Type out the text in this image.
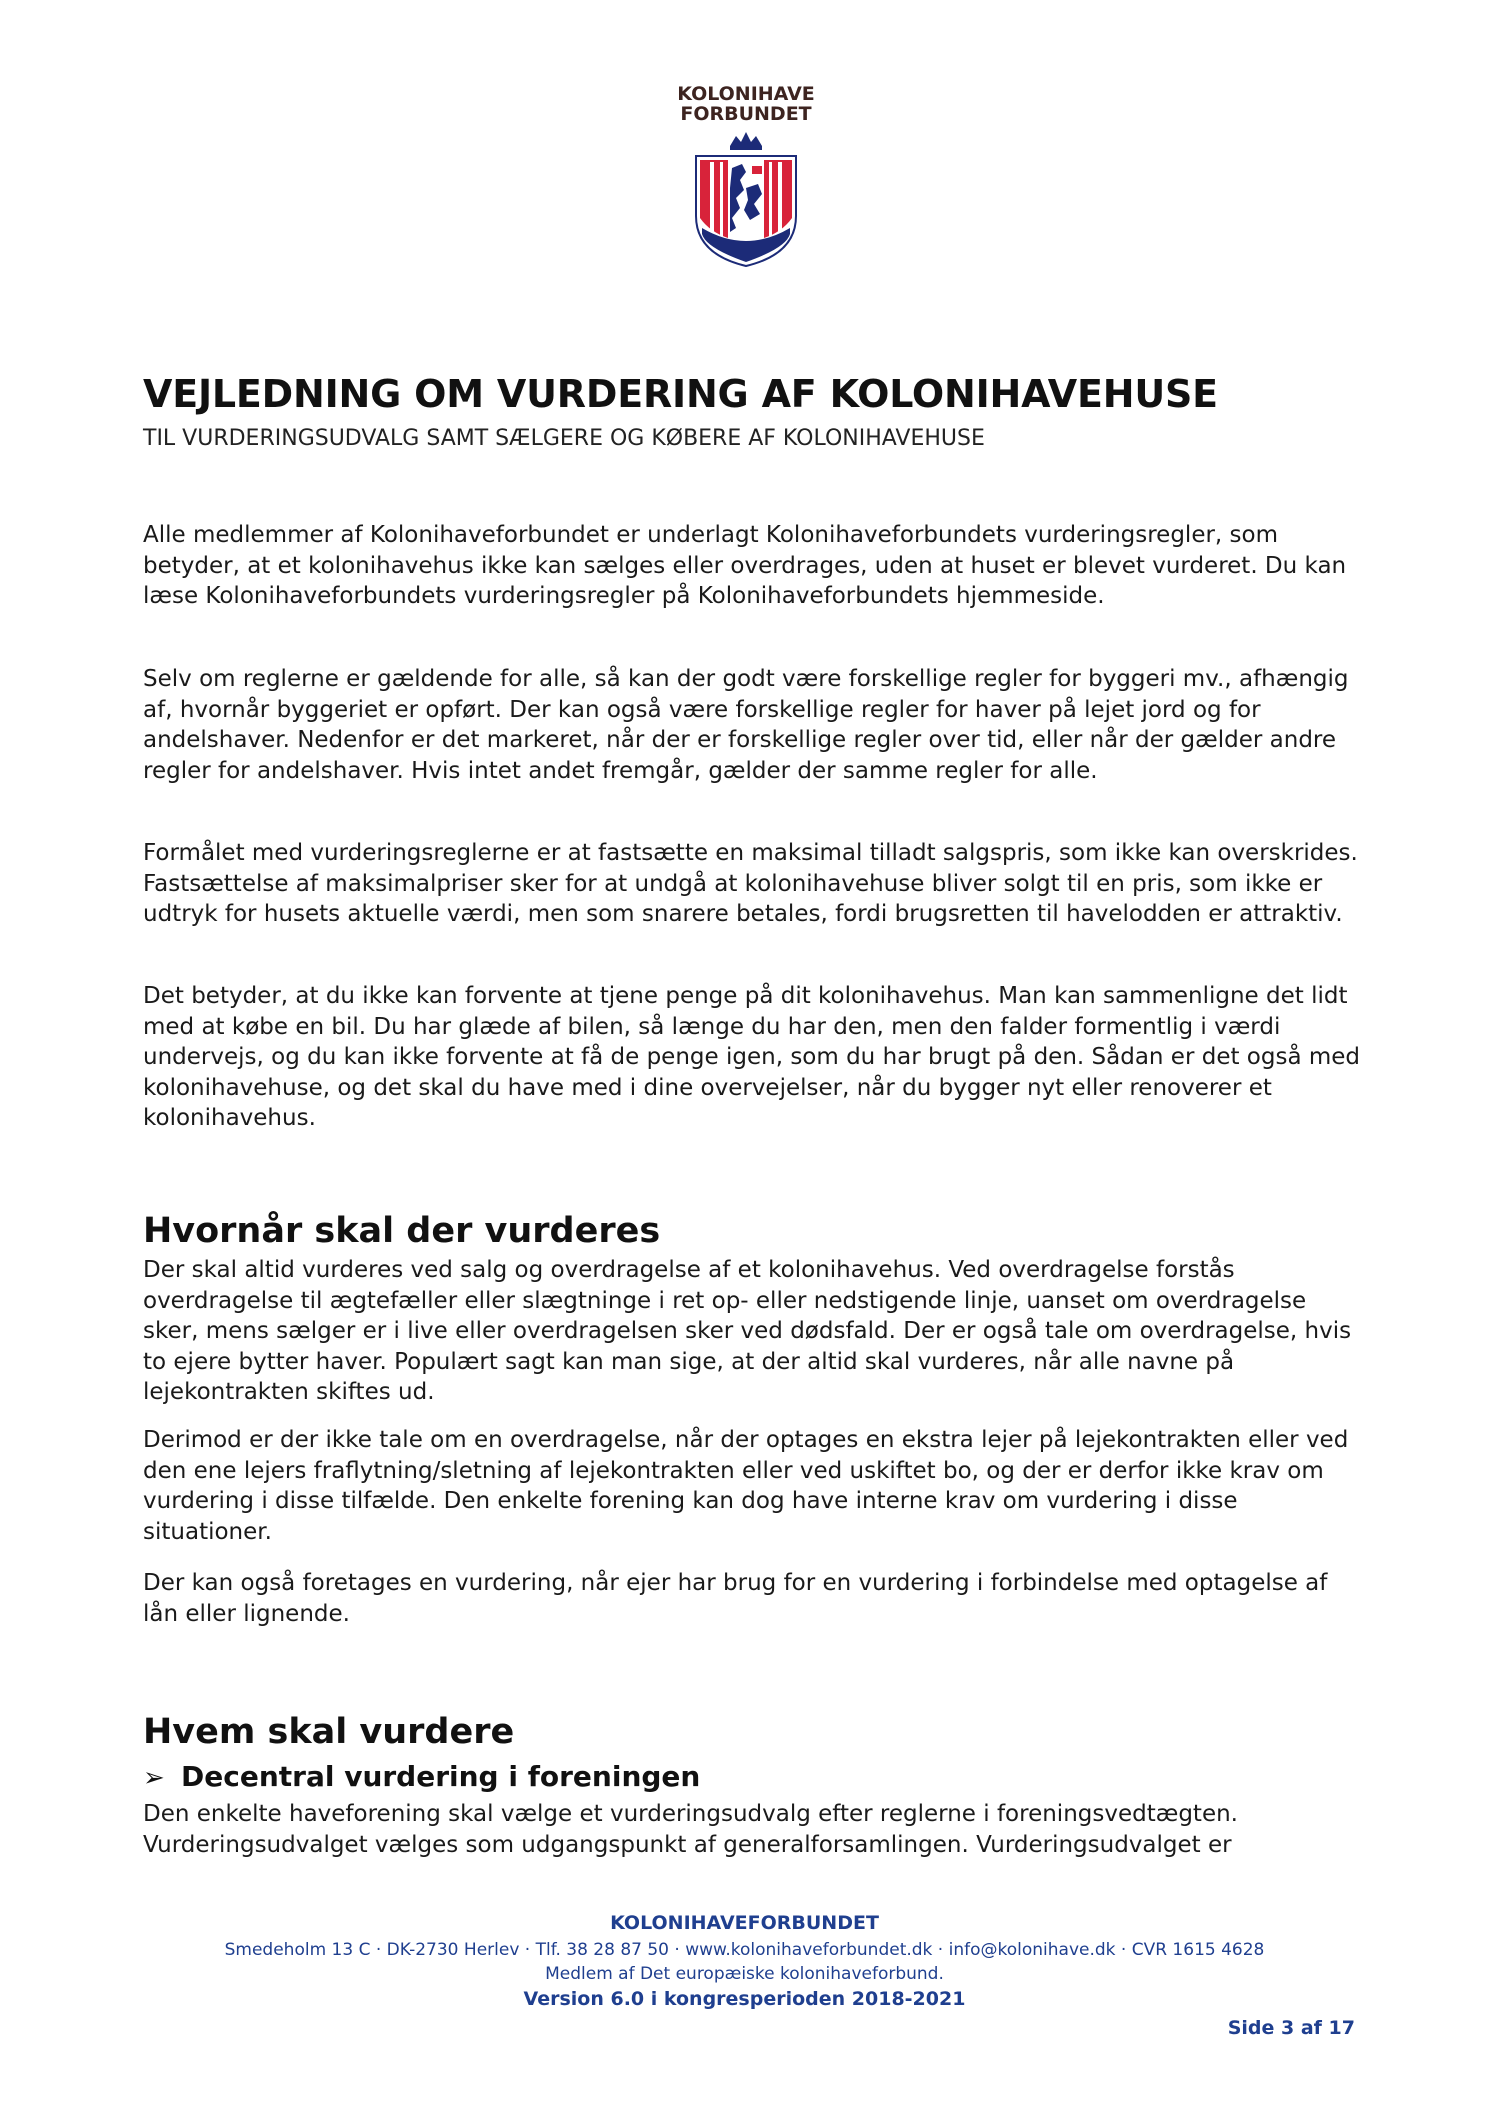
KOLONIHAVE
FORBUNDET
VEJLEDNING OM VURDERING AF KOLONIHAVEHUSE

TIL VURDERINGSUDVALG SAMT SÆLGERE OG KØBERE AF KOLONIHAVEHUSE

Alle medlemmer af Kolonihaveforbundet er underlagt Kolonihaveforbundets vurderingsregler, som betyder, at et kolonihavehus ikke kan sælges eller overdrages, uden at huset er blevet vurderet. Du kan læse Kolonihaveforbundets vurderingsregler på Kolonihaveforbundets hjemmeside.

Selv om reglerne er gældende for alle, så kan der godt være forskellige regler for byggeri mv., afhængig af, hvornår byggeriet er opført. Der kan også være forskellige regler for haver på lejet jord og for andelshaver. Nedenfor er det markeret, når der er forskellige regler over tid, eller når der gælder andre regler for andelshaver. Hvis intet andet fremgår, gælder der samme regler for alle.

Formålet med vurderingsreglerne er at fastsætte en maksimal tilladt salgspris, som ikke kan overskrides. Fastsættelse af maksimalpriser sker for at undgå at kolonihavehuse bliver solgt til en pris, som ikke er udtryk for husets aktuelle værdi, men som snarere betales, fordi brugsretten til havelodden er attraktiv.

Det betyder, at du ikke kan forvente at tjene penge på dit kolonihavehus. Man kan sammenligne det lidt med at købe en bil. Du har glæde af bilen, så længe du har den, men den falder formentlig i værdi undervejs, og du kan ikke forvente at få de penge igen, som du har brugt på den. Sådan er det også med kolonihavehuse, og det skal du have med i dine overvejelser, når du bygger nyt eller renoverer et kolonihavehus.

Hvornår skal der vurderes

Der skal altid vurderes ved salg og overdragelse af et kolonihavehus. Ved overdragelse forstås overdragelse til ægtefæller eller slægtninge i ret op- eller nedstigende linje, uanset om overdragelse sker, mens sælger er i live eller overdragelsen sker ved dødsfald. Der er også tale om overdragelse, hvis to ejere bytter haver. Populært sagt kan man sige, at der altid skal vurderes, når alle navne på lejekontrakten skiftes ud.

Derimod er der ikke tale om en overdragelse, når der optages en ekstra lejer på lejekontrakten eller ved den ene lejers fraflytning/sletning af lejekontrakten eller ved uskiftet bo, og der er derfor ikke krav om vurdering i disse tilfælde. Den enkelte forening kan dog have interne krav om vurdering i disse situationer.

Der kan også foretages en vurdering, når ejer har brug for en vurdering i forbindelse med optagelse af lån eller lignende.

Hvem skal vurdere
➢ Decentral vurdering i foreningen

Den enkelte haveforening skal vælge et vurderingsudvalg efter reglerne i foreningsvedtægten. Vurderingsudvalget vælges som udgangspunkt af generalforsamlingen. Vurderingsudvalget er

KOLONIHAVEFORBUNDET

Smedeholm 13 C · DK-2730 Herlev · Tlf. 38 28 87 50 · www.kolonihaveforbundet.dk · info@kolonihave.dk · CVR 1615 4628

Medlem af Det europæiske kolonihaveforbund.

Version 6.0 i kongresperioden 2018-2021

Side 3 af 17
